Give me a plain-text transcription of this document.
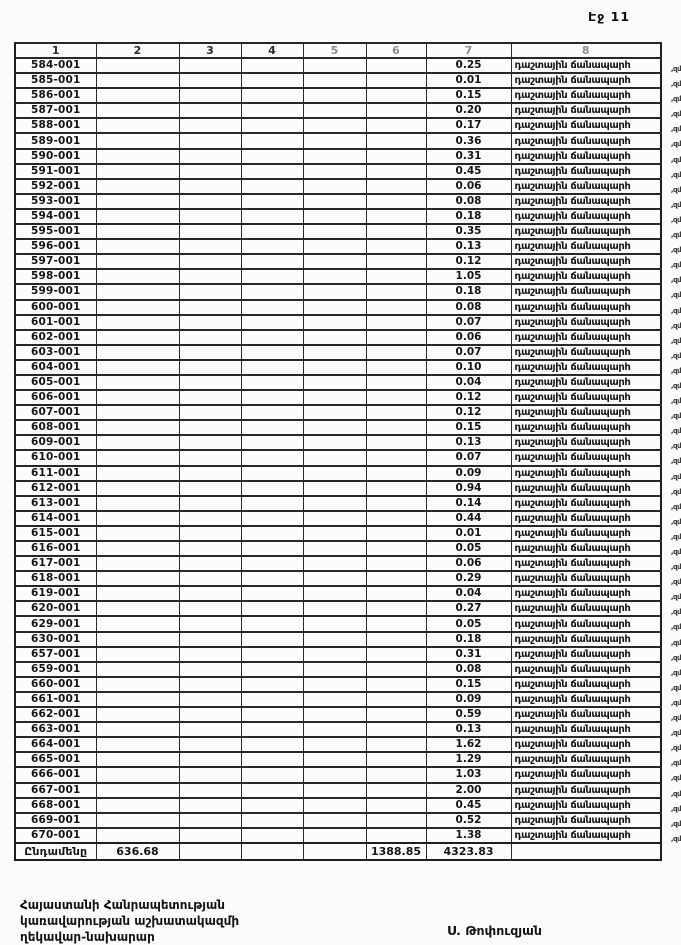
Էջ 11
1	2	3	4	5	6	7	8
584-001						0.25	դաշտային ճանապարհ ,զմ

585-001						0.01	դաշտային ճանապարհ ,զմ

586-001						0.15	դաշտային ճանապարհ ,զմ

587-001						0.20	դաշտային ճանապարհ ,զմ

588-001						0.17	դաշտային ճանապարհ ,զմ

589-001						0.36	դաշտային ճանապարհ ,զմ

590-001						0.31	դաշտային ճանապարհ ,զմ

591-001						0.45	դաշտային ճանապարհ ,զմ

592-001						0.06	դաշտային ճանապարհ ,զմ

593-001						0.08	դաշտային ճանապարհ ,զմ

594-001						0.18	դաշտային ճանապարհ ,զմ

595-001						0.35	դաշտային ճանապարհ ,զմ

596-001						0.13	դաշտային ճանապարհ ,զմ

597-001						0.12	դաշտային ճանապարհ ,զմ

598-001						1.05	դաշտային ճանապարհ ,զմ

599-001						0.18	դաշտային ճանապարհ ,զմ

600-001						0.08	դաշտային ճանապարհ ,զմ

601-001						0.07	դաշտային ճանապարհ ,զմ

602-001						0.06	դաշտային ճանապարհ ,զմ

603-001						0.07	դաշտային ճանապարհ ,զմ

604-001						0.10	դաշտային ճանապարհ ,զմ

605-001						0.04	դաշտային ճանապարհ ,զմ

606-001						0.12	դաշտային ճանապարհ ,զմ

607-001						0.12	դաշտային ճանապարհ ,զմ

608-001						0.15	դաշտային ճանապարհ ,զմ

609-001						0.13	դաշտային ճանապարհ ,զմ

610-001						0.07	դաշտային ճանապարհ ,զմ

611-001						0.09	դաշտային ճանապարհ ,զմ

612-001						0.94	դաշտային ճանապարհ ,զմ

613-001						0.14	դաշտային ճանապարհ ,զմ

614-001						0.44	դաշտային ճանապարհ ,զմ

615-001						0.01	դաշտային ճանապարհ ,զմ

616-001						0.05	դաշտային ճանապարհ ,զմ

617-001						0.06	դաշտային ճանապարհ ,զմ

618-001						0.29	դաշտային ճանապարհ ,զմ

619-001						0.04	դաշտային ճանապարհ ,զմ

620-001						0.27	դաշտային ճանապարհ ,զմ

629-001						0.05	դաշտային ճանապարհ ,զմ

630-001						0.18	դաշտային ճանապարհ ,զմ

657-001						0.31	դաշտային ճանապարհ ,զմ

659-001						0.08	դաշտային ճանապարհ ,զմ

660-001						0.15	դաշտային ճանապարհ ,զմ

661-001						0.09	դաշտային ճանապարհ ,զմ

662-001						0.59	դաշտային ճանապարհ ,զմ

663-001						0.13	դաշտային ճանապարհ ,զմ

664-001						1.62	դաշտային ճանապարհ ,զմ

665-001						1.29	դաշտային ճանապարհ ,զմ

666-001						1.03	դաշտային ճանապարհ ,զմ

667-001						2.00	դաշտային ճանապարհ ,զմ

668-001						0.45	դաշտային ճանապարհ ,զմ

669-001						0.52	դաշտային ճանապարհ ,զմ

670-001						1.38	դաշտային ճանապարհ ,զմ

Ընդամենը	636.68				1388.85	4323.83	
Հայաստանի Հանրապետության
կառավարության աշխատակազմի
ղեկավար-նախարար	Ս. Թոփուզյան
